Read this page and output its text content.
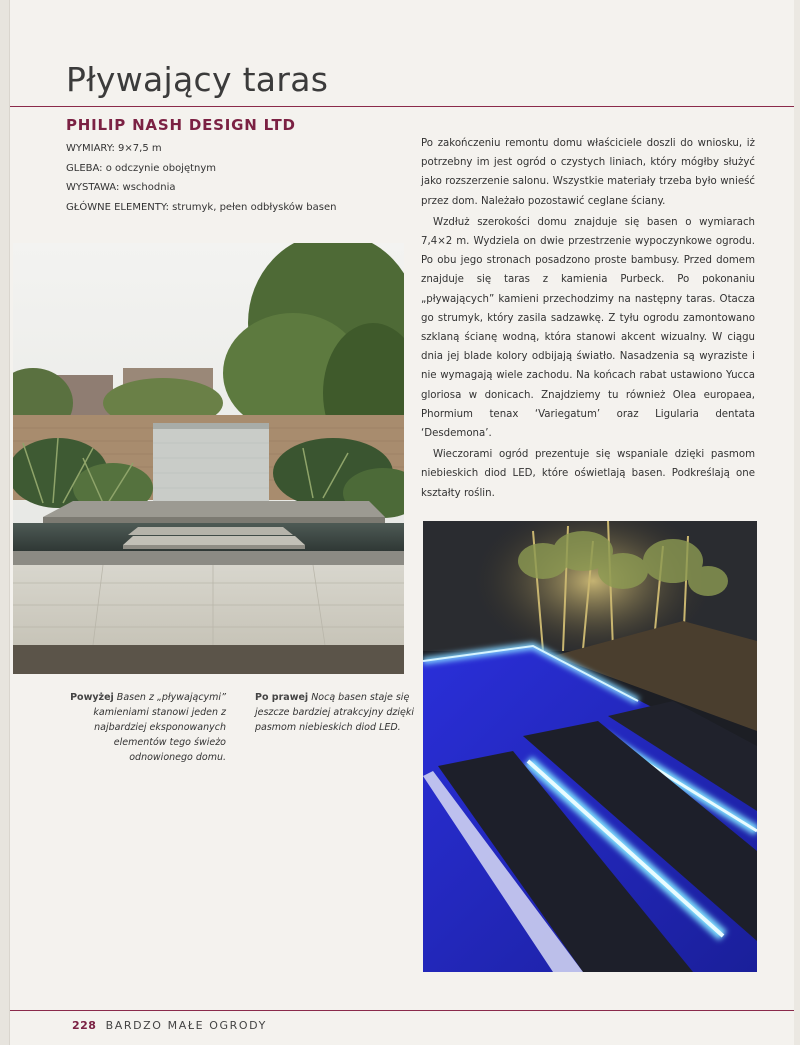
Pływający taras
PHILIP NASH DESIGN LTD
WYMIARY: 9×7,5 m
GLEBA: o odczynie obojętnym
WYSTAWA: wschodnia
GŁÓWNE ELEMENTY: strumyk, pełen odbłysków basen

Po zakończeniu remontu domu właściciele doszli do wniosku, iż potrzebny im jest ogród o czystych liniach, który mógłby służyć jako rozszerzenie salonu. Wszystkie materiały trzeba było wnieść przez dom. Należało pozostawić ceglane ściany.

Wzdłuż szerokości domu znajduje się basen o wymiarach 7,4×2 m. Wydziela on dwie przestrzenie wypoczynkowe ogrodu. Po obu jego stronach posadzono proste bambusy. Przed domem znajduje się taras z kamienia Purbeck. Po pokonaniu „pływających” kamieni przechodzimy na następny taras. Otacza go strumyk, który zasila sadzawkę. Z tyłu ogrodu zamontowano szklaną ścianę wodną, która stanowi akcent wizualny. W ciągu dnia jej blade kolory odbijają światło. Nasadzenia są wyraziste i nie wymagają wiele zachodu. Na końcach rabat ustawiono Yucca gloriosa w donicach. Znajdziemy tu również Olea europaea, Phormium tenax ‘Variegatum’ oraz Ligularia dentata ‘Desdemona’.

Wieczorami ogród prezentuje się wspaniale dzięki pasmom niebieskich diod LED, które oświetlają basen. Podkreślają one kształty roślin.

Powyżej Basen z „pływającymi” kamieniami stanowi jeden z najbardziej eksponowanych elementów tego świeżo odnowionego domu.
Po prawej Nocą basen staje się jeszcze bardziej atrakcyjny dzięki pasmom niebieskich diod LED.
228 BARDZO MAŁE OGRODY
